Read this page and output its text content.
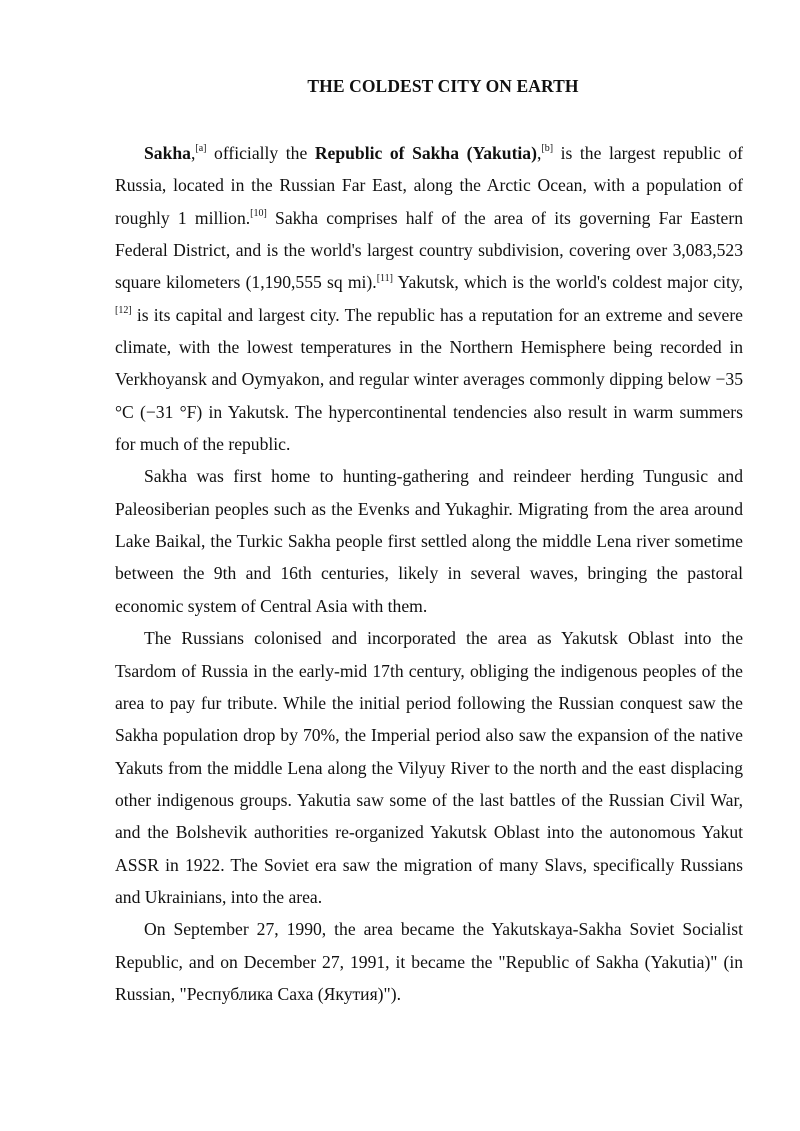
THE COLDEST CITY ON EARTH

Sakha,[a] officially the Republic of Sakha (Yakutia),[b] is the largest republic of Russia, located in the Russian Far East, along the Arctic Ocean, with a population of roughly 1 million.[10] Sakha comprises half of the area of its governing Far Eastern Federal District, and is the world's largest country subdivision, covering over 3,083,523 square kilometers (1,190,555 sq mi).[11] Yakutsk, which is the world's coldest major city,[12] is its capital and largest city. The republic has a reputation for an extreme and severe climate, with the lowest temperatures in the Northern Hemisphere being recorded in Verkhoyansk and Oymyakon, and regular winter averages commonly dipping below −35 °C (−31 °F) in Yakutsk. The hypercontinental tendencies also result in warm summers for much of the republic.

Sakha was first home to hunting-gathering and reindeer herding Tungusic and Paleosiberian peoples such as the Evenks and Yukaghir. Migrating from the area around Lake Baikal, the Turkic Sakha people first settled along the middle Lena river sometime between the 9th and 16th centuries, likely in several waves, bringing the pastoral economic system of Central Asia with them.

The Russians colonised and incorporated the area as Yakutsk Oblast into the Tsardom of Russia in the early-mid 17th century, obliging the indigenous peoples of the area to pay fur tribute. While the initial period following the Russian conquest saw the Sakha population drop by 70%, the Imperial period also saw the expansion of the native Yakuts from the middle Lena along the Vilyuy River to the north and the east displacing other indigenous groups. Yakutia saw some of the last battles of the Russian Civil War, and the Bolshevik authorities re-organized Yakutsk Oblast into the autonomous Yakut ASSR in 1922. The Soviet era saw the migration of many Slavs, specifically Russians and Ukrainians, into the area.

On September 27, 1990, the area became the Yakutskaya-Sakha Soviet Socialist Republic, and on December 27, 1991, it became the "Republic of Sakha (Yakutia)" (in Russian, "Республика Саха (Якутия)").
